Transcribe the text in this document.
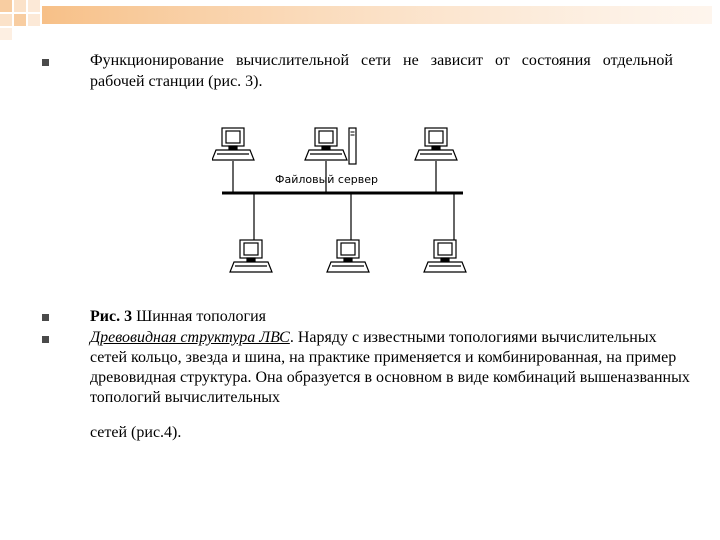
Функционирование вычислительной сети не зависит от состояния отдельной рабочей станции (рис. 3).
Файловый сервер
Рис. 3 Шинная топология
Древовидная структура ЛВС. Наряду с известными топологиями вычислительных сетей кольцо, звезда и шина, на практике применяется и комбинированная, на пример древовидная структура. Она образуется в основном в виде комбинаций вышеназванных топологий вычислительных
сетей (рис.4).
